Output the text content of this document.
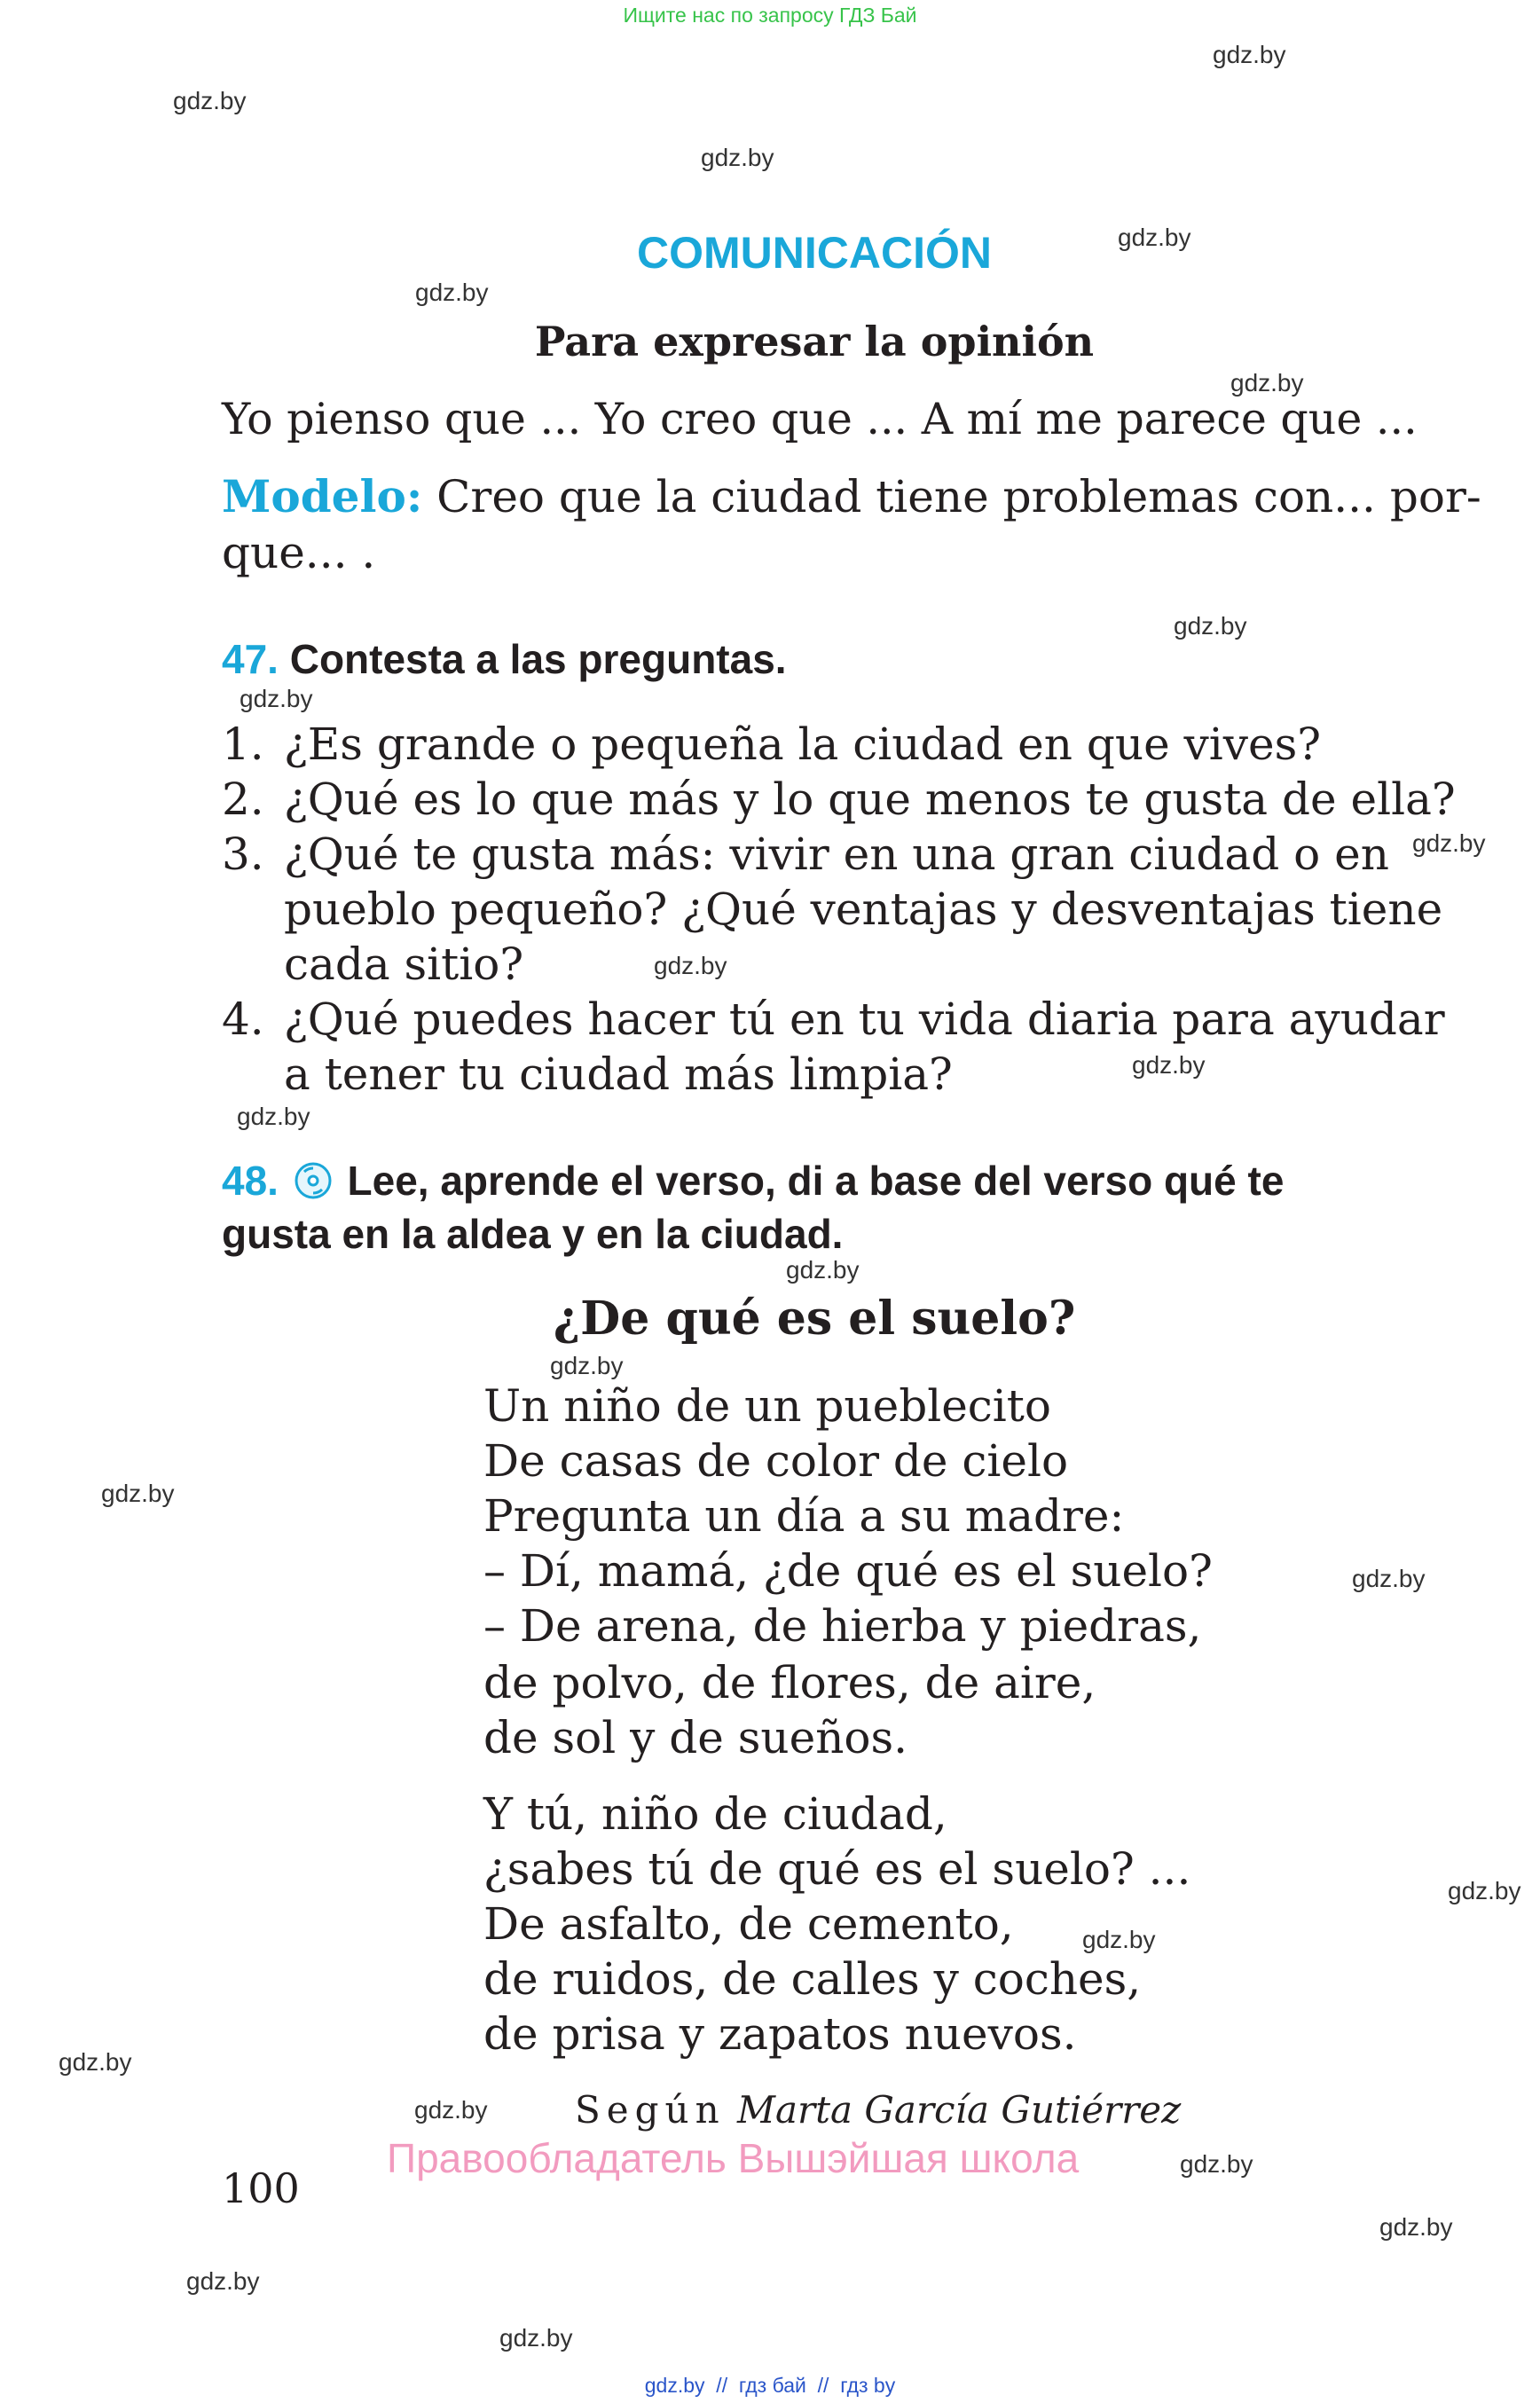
Ищите нас по запросу ГДЗ Бай
gdz.by
gdz.by
gdz.by
gdz.by
gdz.by
gdz.by
gdz.by
gdz.by
gdz.by
gdz.by
gdz.by
gdz.by
gdz.by
gdz.by
gdz.by
gdz.by
gdz.by
gdz.by
gdz.by
gdz.by
gdz.by
gdz.by
gdz.by
gdz.by
COMUNICACIÓN
Para expresar la opinión
Yo pienso que ... Yo creo que ... A mí me parece que ...
Modelo: Creo que la ciudad tiene problemas con... por-
que... .
47. Contesta a las preguntas.
1. ¿Es grande o pequeña la ciudad en que vives?
2. ¿Qué es lo que más y lo que menos te gusta de ella?
3. ¿Qué te gusta más: vivir en una gran ciudad o en
pueblo pequeño? ¿Qué ventajas y desventajas tiene
cada sitio?
4. ¿Qué puedes hacer tú en tu vida diaria para ayudar
a tener tu ciudad más limpia?
48. Lee, aprende el verso, di a base del verso qué te
gusta en la aldea y en la ciudad.
¿De qué es el suelo?
Un niño de un pueblecito
De casas de color de cielo
Pregunta un día a su madre:
– Dí, mamá, ¿de qué es el suelo?
– De arena, de hierba y piedras,
de polvo, de flores, de aire,
de sol y de sueños.
Y tú, niño de ciudad,
¿sabes tú de qué es el suelo? ...
De asfalto, de cemento,
de ruidos, de calles y coches,
de prisa y zapatos nuevos.
Según Marta García Gutiérrez
Правообладатель Вышэйшая школа
100
gdz.by  //  гдз бай  //  гдз by
